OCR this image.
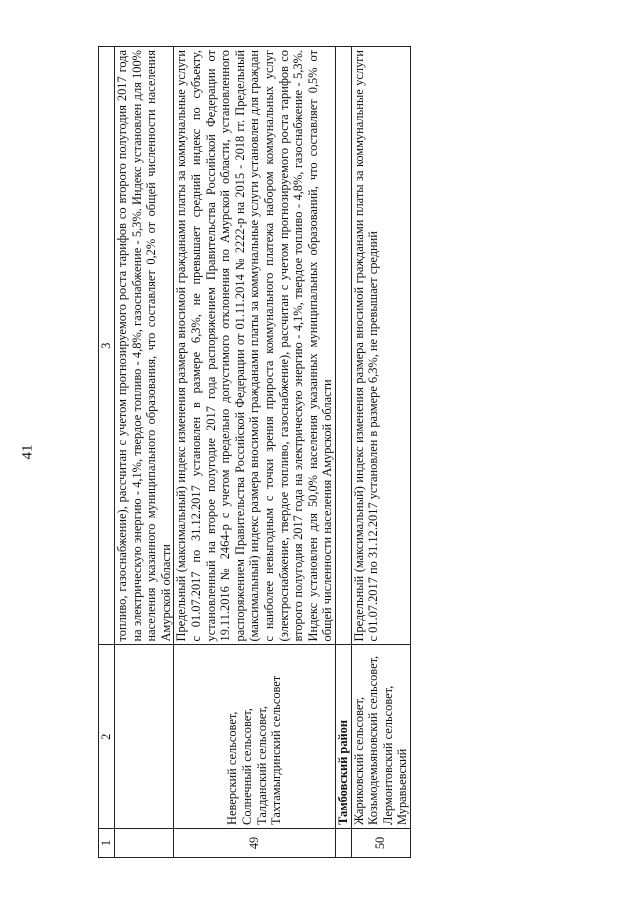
41
1	2	3
		топливо, газоснабжение), рассчитан с учетом прогнозируемого роста тарифов со второго полугодия 2017 года на электрическую энергию - 4,1%, твердое топливо - 4,8%, газоснабжение - 5,3%. Индекс установлен для 100% населения указанного муниципального образования, что составляет 0,2% от общей численности населения Амурской области
49	Неверский сельсовет, Солнечный сельсовет, Талданский сельсовет, Тахтамыгдинский сельсовет	Предельный (максимальный) индекс изменения размера вносимой гражданами платы за коммунальные услуги с 01.07.2017 по 31.12.2017 установлен в размере 6,3%, не превышает средний индекс по субъекту, установленный на второе полугодие 2017 года распоряжением Правительства Российской Федерации от 19.11.2016 № 2464-р с учетом предельно допустимого отклонения по Амурской области, установленного распоряжением Правительства Российской Федерации от 01.11.2014 № 2222-р на 2015 - 2018 гг. Предельный (максимальный) индекс размера вносимой гражданами платы за коммунальные услуги установлен для граждан с наиболее невыгодным с точки зрения прироста коммунального платежа набором коммунальных услуг (электроснабжение, твердое топливо, газоснабжение), рассчитан с учетом прогнозируемого роста тарифов со второго полугодия 2017 года на электрическую энергию - 4,1%, твердое топливо - 4,8%, газоснабжение - 5,3%. Индекс установлен для 50,0% населения указанных муниципальных образований, что составляет 0,5% от общей численности населения Амурской области
	Тамбовский район	
50	Жариковский сельсовет, Козьмодемьяновский сельсовет, Лермонтовский сельсовет, Муравьевский	Предельный (максимальный) индекс изменения размера вносимой гражданами платы за коммунальные услуги с 01.07.2017 по 31.12.2017 установлен в размере 6,3%, не превышает средний
